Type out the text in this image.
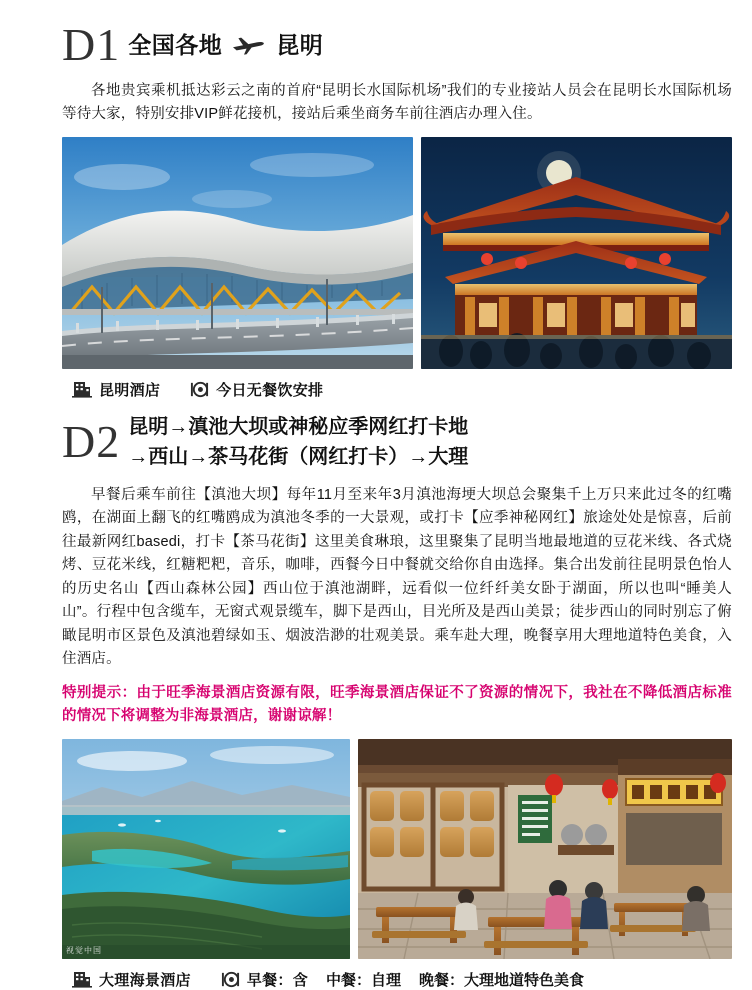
D1 全国各地 昆明

各地贵宾乘机抵达彩云之南的首府“昆明长水国际机场”我们的专业接站人员会在昆明长水国际机场等待大家，特别安排VIP鲜花接机，接站后乘坐商务车前往酒店办理入住。

昆明酒店	今日无餐饮安排
D2 昆明→滇池大坝或神秘应季网红打卡地
→西山→茶马花街（网红打卡）→大理

早餐后乘车前往【滇池大坝】每年11月至来年3月滇池海埂大坝总会聚集千上万只来此过冬的红嘴鸥，在湖面上翻飞的红嘴鸥成为滇池冬季的一大景观，或打卡【应季神秘网红】旅途处处是惊喜，后前往最新网红basedi，打卡【茶马花街】这里美食琳琅，这里聚集了昆明当地最地道的豆花米线、各式烧烤、豆花米线，红糖粑粑，音乐，咖啡，西餐今日中餐就交给你自由选择。集合出发前往昆明景色怡人的历史名山【西山森林公园】西山位于滇池湖畔，远看似一位纤纤美女卧于湖面，所以也叫“睡美人山”。行程中包含缆车，无窗式观景缆车，脚下是西山，目光所及是西山美景；徒步西山的同时别忘了俯瞰昆明市区景色及滇池碧绿如玉、烟波浩渺的壮观美景。乘车赴大理，晚餐享用大理地道特色美食，入住酒店。

特别提示：由于旺季海景酒店资源有限，旺季海景酒店保证不了资源的情况下，我社在不降低酒店标准的情况下将调整为非海景酒店，谢谢谅解！

视觉中国
大理海景酒店	早餐：含 中餐：自理 晚餐：大理地道特色美食
